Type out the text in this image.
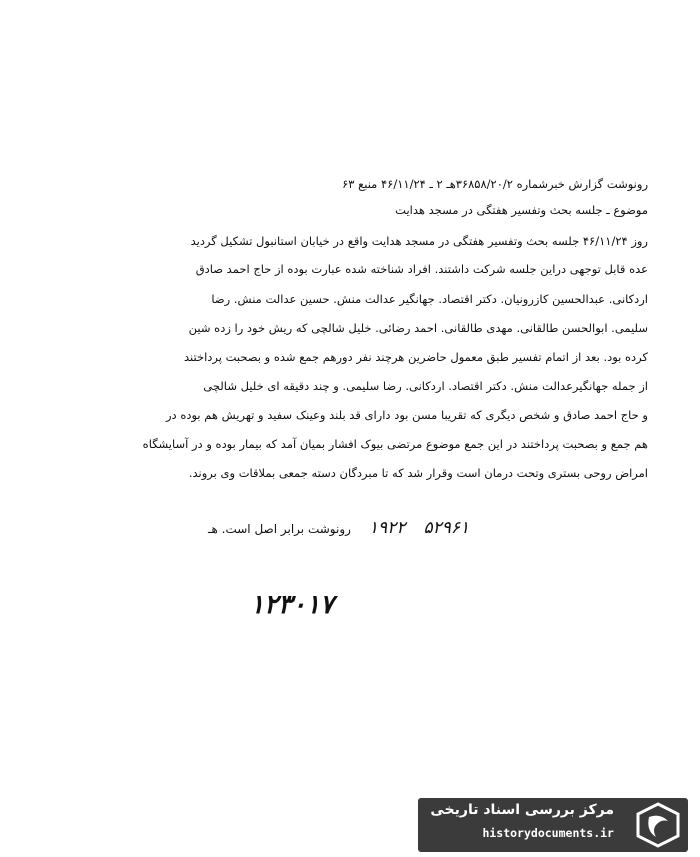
رونوشت گزارش خبرشماره ۳۶۸۵۸/۲۰/۲هـ ۲ ـ ۴۶/۱۱/۲۴ منبع ۶۳
موضوع ـ جلسه بحث وتفسیر هفتگی در مسجد هدایت
روز ۴۶/۱۱/۲۴ جلسه بحث وتفسیر هفتگی در مسجد هدایت واقع در خیابان استانبول تشکیل گردید
عده قابل توجهی دراین جلسه شرکت داشتند. افراد شناخته شده عبارت بوده از حاج احمد صادق
اردکانی. عبدالحسین کازرونیان. دکتر اقتصاد. جهانگیر عدالت منش. حسین عدالت منش. رضا
سلیمی. ابوالحسن طالقانی. مهدی طالقانی. احمد رضائی. خلیل شالچی که ریش خود را زده شین
کرده بود. بعد از اتمام تفسیر طبق معمول حاضرین هرچند نفر دورهم جمع شده و بصحبت پرداختند
از جمله جهانگیرعدالت منش. دکتر اقتصاد. اردکانی. رضا سلیمی. و چند دقیقه ای خلیل شالچی
و حاج احمد صادق و شخص دیگری که تقریبا مسن بود دارای قد بلند وعینک سفید و تهریش هم بوده در
هم جمع و بصحبت پرداختند در این جمع موضوع مرتضی بیوک افشار بمیان آمد که بیمار بوده و در آسایشگاه
امراض روحی بستری وتحت درمان است وقرار شد که تا مبردگان دسته جمعی بملاقات وی بروند.
رونوشت برابر اصل است. هـ ۱۹۲۲ ۵۲۹۶۱
۱۲۳۰۱۷
مرکز بررسی اسناد تاریخی
historydocuments.ir
